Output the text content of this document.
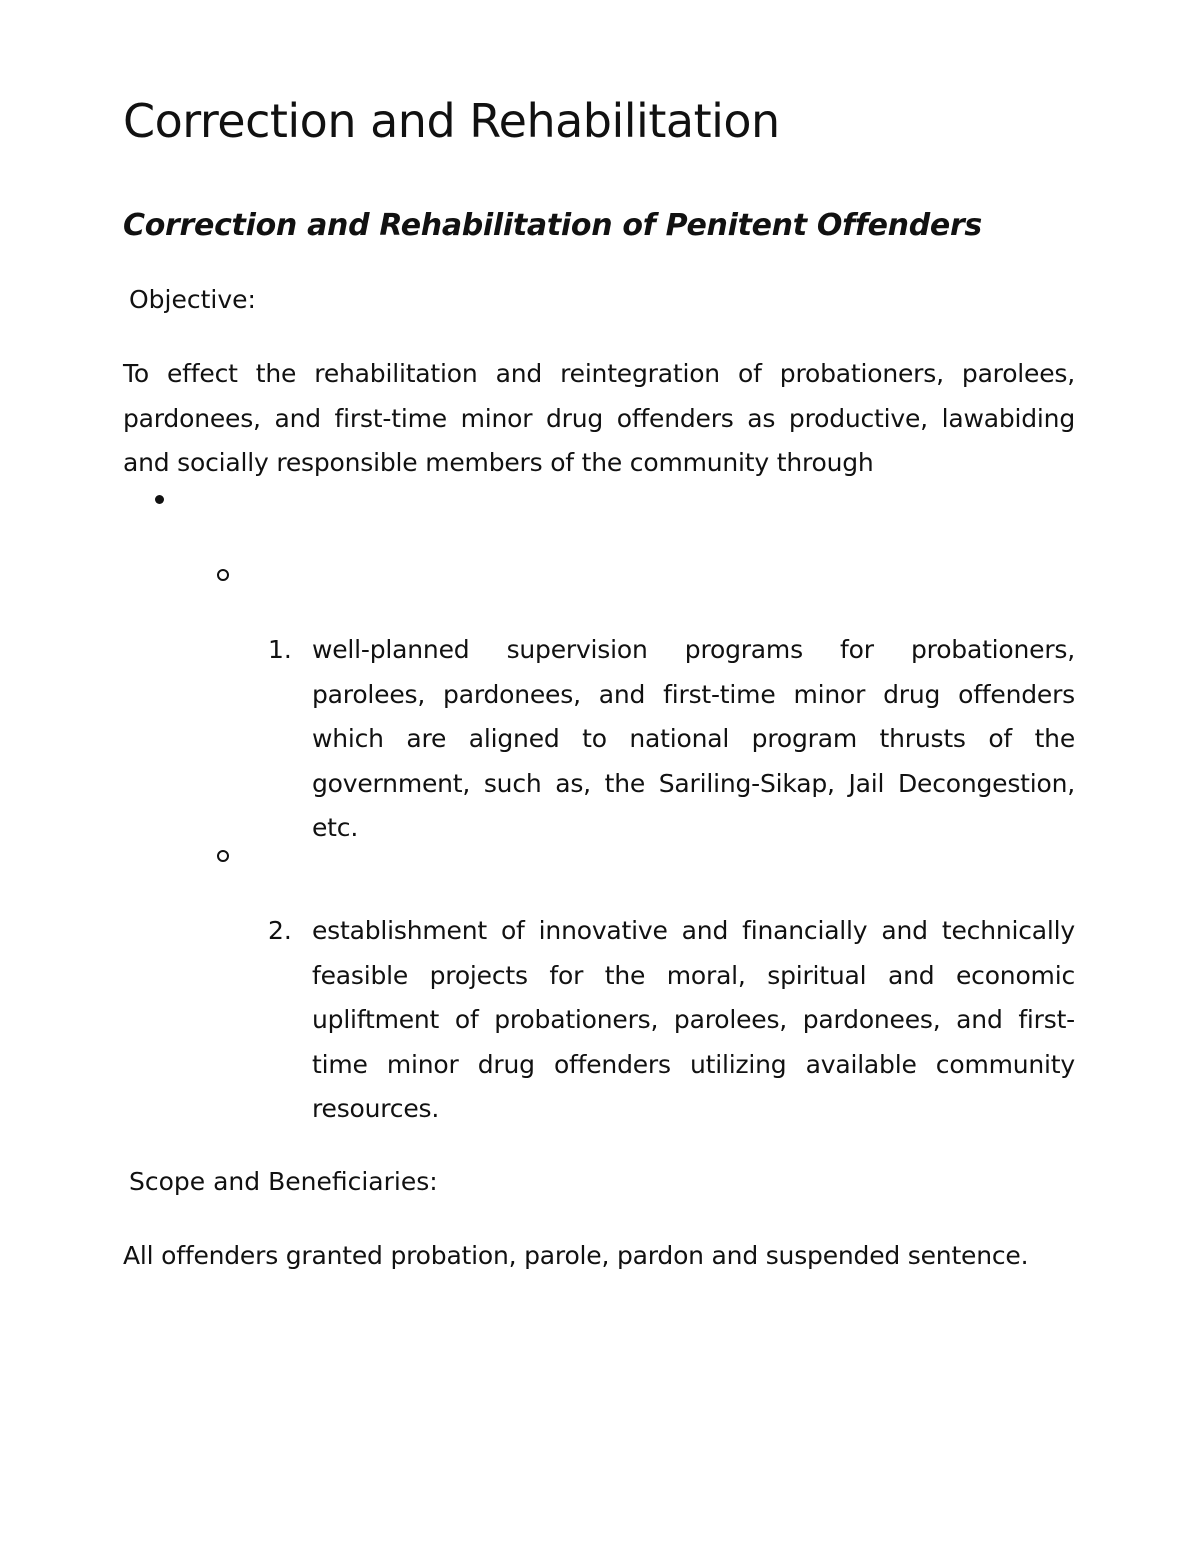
Correction and Rehabilitation
Correction and Rehabilitation of Penitent Offenders
Objective:

To effect the rehabilitation and reintegration of probationers, parolees, pardonees, and first-time minor drug offenders as productive, lawabiding and socially responsible members of the community through

1. well-planned supervision programs for probationers, parolees, pardonees, and first-time minor drug offenders which are aligned to national program thrusts of the government, such as, the Sariling-Sikap, Jail Decongestion, etc.

2. establishment of innovative and financially and technically feasible projects for the moral, spiritual and economic upliftment of probationers, parolees, pardonees, and first-time minor drug offenders utilizing available community resources.

Scope and Beneficiaries:

All offenders granted probation, parole, pardon and suspended sentence.
